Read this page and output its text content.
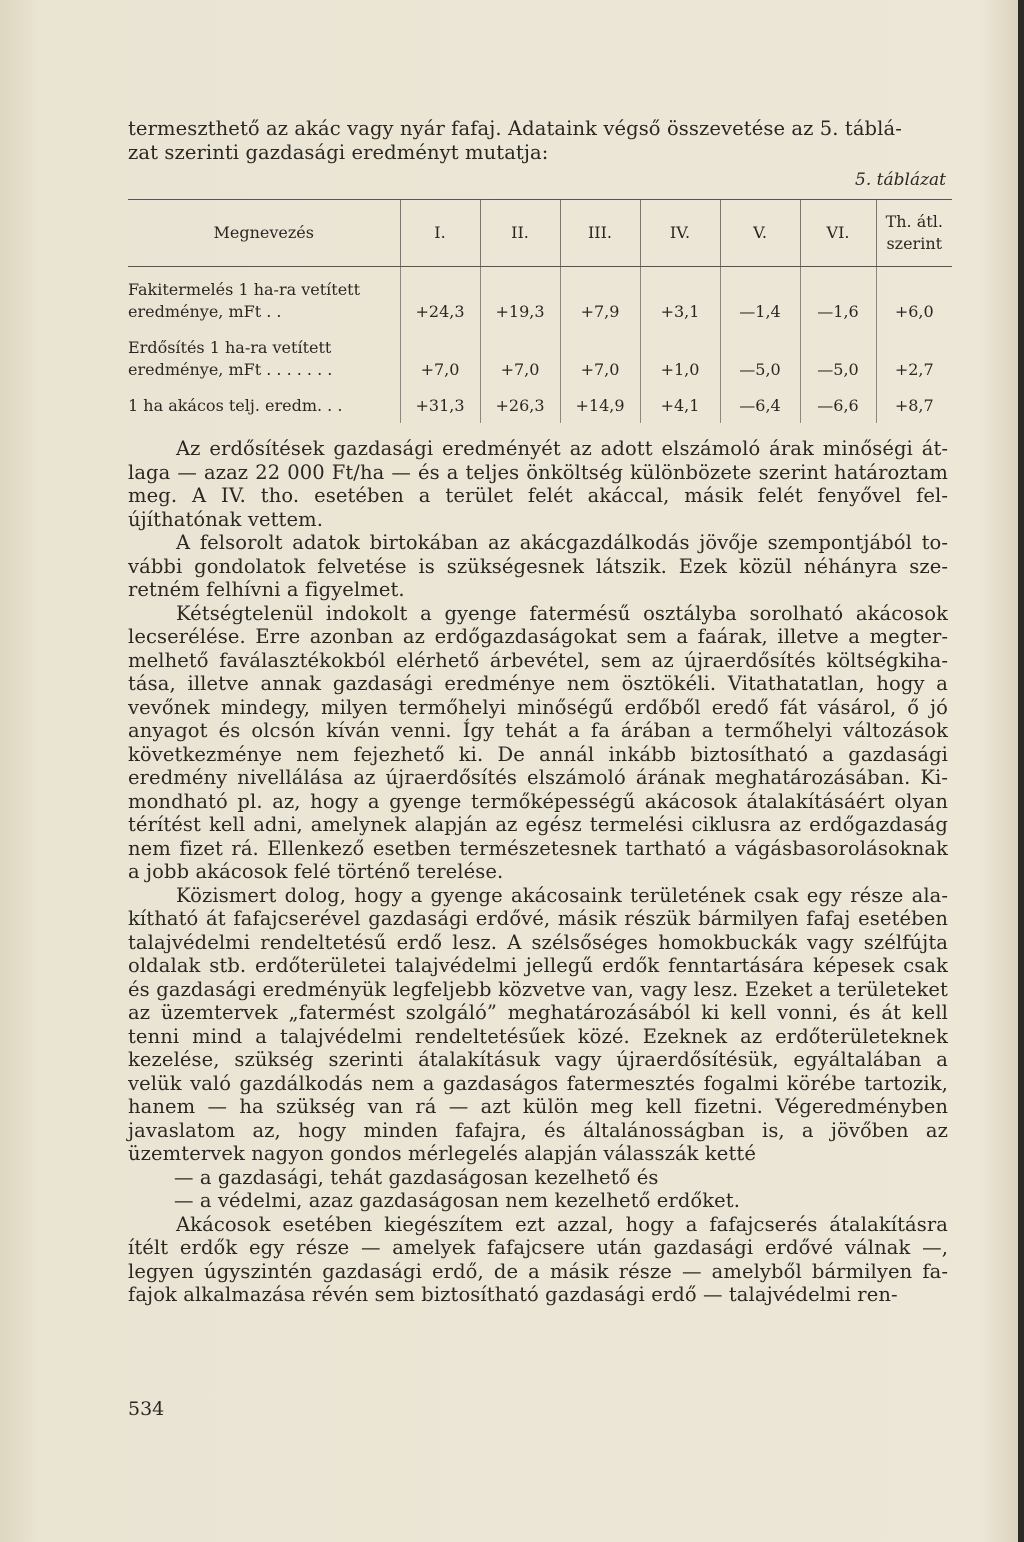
termeszthető az akác vagy nyár fafaj. Adataink végső összevetése az 5. táblá-
zat szerinti gazdasági eredményt mutatja:

5. táblázat
Megnevezés	I.	II.	III.	IV.	V.	VI.	Th. átl. szerint
Fakitermelés 1 ha-ra vetített eredménye, mFt . .	+24,3	+19,3	+7,9	+3,1	—1,4	—1,6	+6,0
Erdősítés 1 ha-ra vetített eredménye, mFt . . . . . . .	+7,0	+7,0	+7,0	+1,0	—5,0	—5,0	+2,7
1 ha akácos telj. eredm. . .	+31,3	+26,3	+14,9	+4,1	—6,4	—6,6	+8,7

Az erdősítések gazdasági eredményét az adott elszámoló árak minőségi átlaga — azaz 22 000 Ft/ha — és a teljes önköltség különbözete szerint határoztam meg. A IV. tho. esetében a terület felét akáccal, másik felét fenyővel felújíthatónak vettem.

A felsorolt adatok birtokában az akácgazdálkodás jövője szempontjából további gondolatok felvetése is szükségesnek látszik. Ezek közül néhányra szeretném felhívni a figyelmet.

Kétségtelenül indokolt a gyenge fatermésű osztályba sorolható akácosok lecserélése. Erre azonban az erdőgazdaságokat sem a faárak, illetve a megtermelhető faválasztékokból elérhető árbevétel, sem az újraerdősítés költségkihatása, illetve annak gazdasági eredménye nem ösztökéli. Vitathatatlan, hogy a vevőnek mindegy, milyen termőhelyi minőségű erdőből eredő fát vásárol, ő jó anyagot és olcsón kíván venni. Így tehát a fa árában a termőhelyi változások következménye nem fejezhető ki. De annál inkább biztosítható a gazdasági eredmény nivellálása az újraerdősítés elszámoló árának meghatározásában. Kimondható pl. az, hogy a gyenge termőképességű akácosok átalakításáért olyan térítést kell adni, amelynek alapján az egész termelési ciklusra az erdőgazdaság nem fizet rá. Ellenkező esetben természetesnek tartható a vágásbasorolásoknak a jobb akácosok felé történő terelése.

Közismert dolog, hogy a gyenge akácosaink területének csak egy része alakítható át fafajcserével gazdasági erdővé, másik részük bármilyen fafaj esetében talajvédelmi rendeltetésű erdő lesz. A szélsőséges homokbuckák vagy szélfújta oldalak stb. erdőterületei talajvédelmi jellegű erdők fenntartására képesek csak és gazdasági eredményük legfeljebb közvetve van, vagy lesz. Ezeket a területeket az üzemtervek „fatermést szolgáló” meghatározásából ki kell vonni, és át kell tenni mind a talajvédelmi rendeltetésűek közé. Ezeknek az erdőterületeknek kezelése, szükség szerinti átalakításuk vagy újraerdősítésük, egyáltalában a velük való gazdálkodás nem a gazdaságos fatermesztés fogalmi körébe tartozik, hanem — ha szükség van rá — azt külön meg kell fizetni. Végeredményben javaslatom az, hogy minden fafajra, és általánosságban is, a jövőben az üzemtervek nagyon gondos mérlegelés alapján válasszák ketté

— a gazdasági, tehát gazdaságosan kezelhető és

— a védelmi, azaz gazdaságosan nem kezelhető erdőket.

Akácosok esetében kiegészítem ezt azzal, hogy a fafajcserés átalakításra ítélt erdők egy része — amelyek fafajcsere után gazdasági erdővé válnak —, legyen úgyszintén gazdasági erdő, de a másik része — amelyből bármilyen fafajok alkalmazása révén sem biztosítható gazdasági erdő — talajvédelmi ren-

534
